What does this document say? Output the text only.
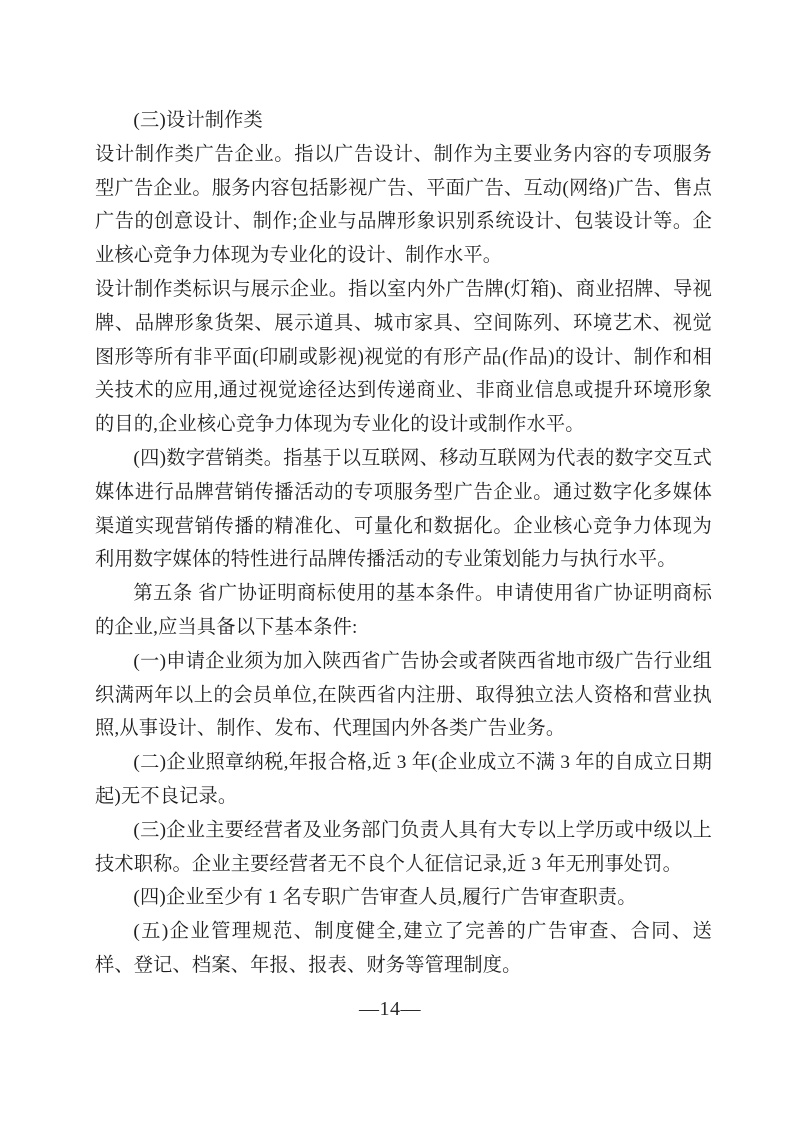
(三)设计制作类

设计制作类广告企业。指以广告设计、制作为主要业务内容的专项服务型广告企业。服务内容包括影视广告、平面广告、互动(网络)广告、售点广告的创意设计、制作;企业与品牌形象识别系统设计、包装设计等。企业核心竞争力体现为专业化的设计、制作水平。

设计制作类标识与展示企业。指以室内外广告牌(灯箱)、商业招牌、导视牌、品牌形象货架、展示道具、城市家具、空间陈列、环境艺术、视觉图形等所有非平面(印刷或影视)视觉的有形产品(作品)的设计、制作和相关技术的应用,通过视觉途径达到传递商业、非商业信息或提升环境形象的目的,企业核心竞争力体现为专业化的设计或制作水平。

(四)数字营销类。指基于以互联网、移动互联网为代表的数字交互式媒体进行品牌营销传播活动的专项服务型广告企业。通过数字化多媒体渠道实现营销传播的精准化、可量化和数据化。企业核心竞争力体现为利用数字媒体的特性进行品牌传播活动的专业策划能力与执行水平。

第五条 省广协证明商标使用的基本条件。申请使用省广协证明商标的企业,应当具备以下基本条件:

(一)申请企业须为加入陕西省广告协会或者陕西省地市级广告行业组织满两年以上的会员单位,在陕西省内注册、取得独立法人资格和营业执照,从事设计、制作、发布、代理国内外各类广告业务。

(二)企业照章纳税,年报合格,近 3 年(企业成立不满 3 年的自成立日期起)无不良记录。

(三)企业主要经营者及业务部门负责人具有大专以上学历或中级以上技术职称。企业主要经营者无不良个人征信记录,近 3 年无刑事处罚。

(四)企业至少有 1 名专职广告审查人员,履行广告审查职责。

(五)企业管理规范、制度健全,建立了完善的广告审查、合同、送样、登记、档案、年报、报表、财务等管理制度。

—14—
